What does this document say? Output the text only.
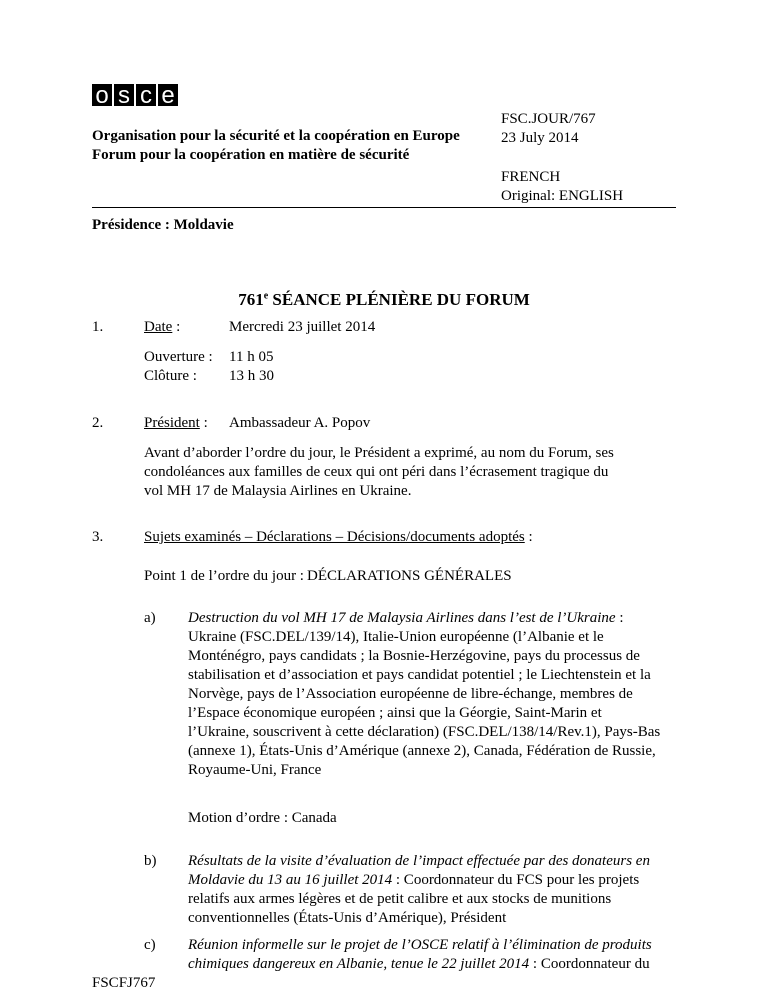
o s c e
Organisation pour la sécurité et la coopération en Europe
Forum pour la coopération en matière de sécurité
FSC.JOUR/767
23 July 2014
FRENCH
Original: ENGLISH
Présidence : Moldavie
761e SÉANCE PLÉNIÈRE DU FORUM
1.	Date :	Mercredi 23 juillet 2014
Ouverture : 11 h 05
Clôture : 13 h 30
2.	Président : Ambassadeur A. Popov
Avant d’aborder l’ordre du jour, le Président a exprimé, au nom du Forum, ses
condoléances aux familles de ceux qui ont péri dans l’écrasement tragique du
vol MH 17 de Malaysia Airlines en Ukraine.
3.	Sujets examinés – Déclarations – Décisions/documents adoptés :
Point 1 de l’ordre du jour : DÉCLARATIONS GÉNÉRALES
a) Destruction du vol MH 17 de Malaysia Airlines dans l’est de l’Ukraine :
Ukraine (FSC.DEL/139/14), Italie-Union européenne (l’Albanie et le
Monténégro, pays candidats ; la Bosnie-Herzégovine, pays du processus de
stabilisation et d’association et pays candidat potentiel ; le Liechtenstein et la
Norvège, pays de l’Association européenne de libre-échange, membres de
l’Espace économique européen ; ainsi que la Géorgie, Saint-Marin et
l’Ukraine, souscrivent à cette déclaration) (FSC.DEL/138/14/Rev.1), Pays-Bas
(annexe 1), États-Unis d’Amérique (annexe 2), Canada, Fédération de Russie,
Royaume-Uni, France
Motion d’ordre : Canada
b) Résultats de la visite d’évaluation de l’impact effectuée par des donateurs en
Moldavie du 13 au 16 juillet 2014 : Coordonnateur du FCS pour les projets
relatifs aux armes légères et de petit calibre et aux stocks de munitions
conventionnelles (États-Unis d’Amérique), Président
FSCFJ767
c) Réunion informelle sur le projet de l’OSCE relatif à l’élimination de produits
chimiques dangereux en Albanie, tenue le 22 juillet 2014 : Coordonnateur du
